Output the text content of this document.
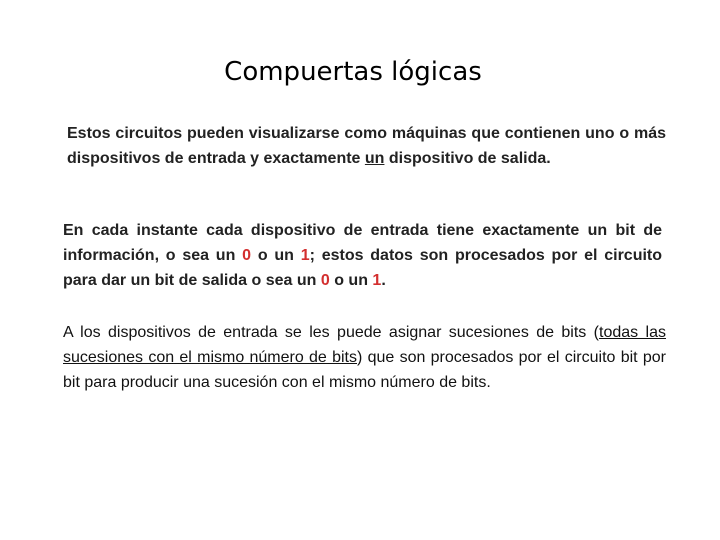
Compuertas lógicas

Estos circuitos pueden visualizarse como máquinas que contienen uno o más dispositivos de entrada y exactamente un dispositivo de salida.

En cada instante cada dispositivo de entrada tiene exactamente un bit de información, o sea un 0 o un 1; estos datos son procesados por el circuito para dar un bit de salida o sea un 0 o un 1.

A los dispositivos de entrada se les puede asignar sucesiones de bits (todas las sucesiones con el mismo número de bits) que son procesados por el circuito bit por bit para producir una sucesión con el mismo número de bits.
